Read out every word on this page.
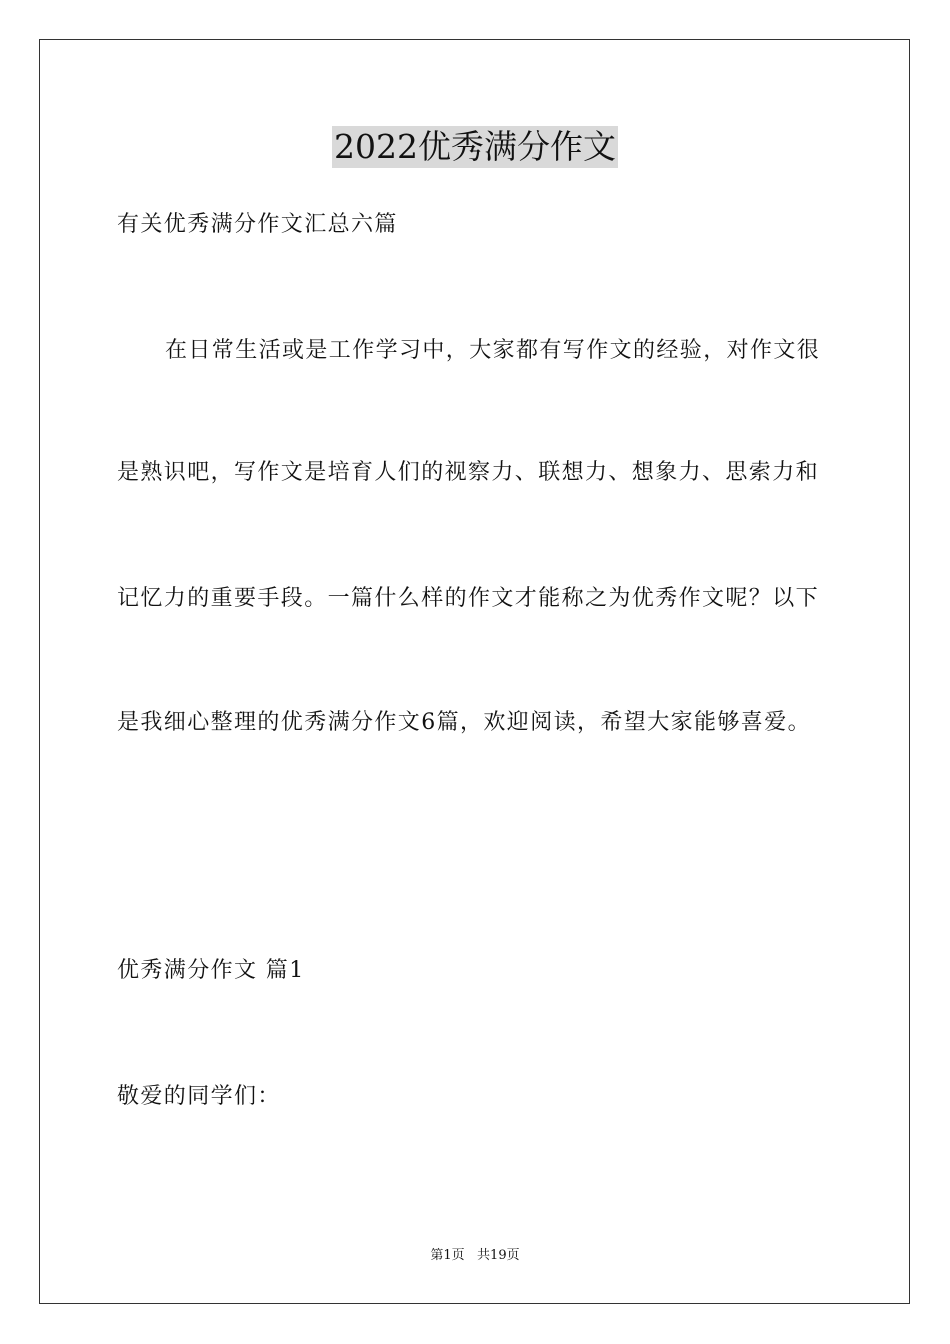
2022优秀满分作文
有关优秀满分作文汇总六篇
在日常生活或是工作学习中，大家都有写作文的经验，对作文很
是熟识吧，写作文是培育人们的视察力、联想力、想象力、思索力和
记忆力的重要手段。一篇什么样的作文才能称之为优秀作文呢？以下
是我细心整理的优秀满分作文6篇，欢迎阅读，希望大家能够喜爱。
优秀满分作文 篇1
敬爱的同学们：
第1页   共19页
